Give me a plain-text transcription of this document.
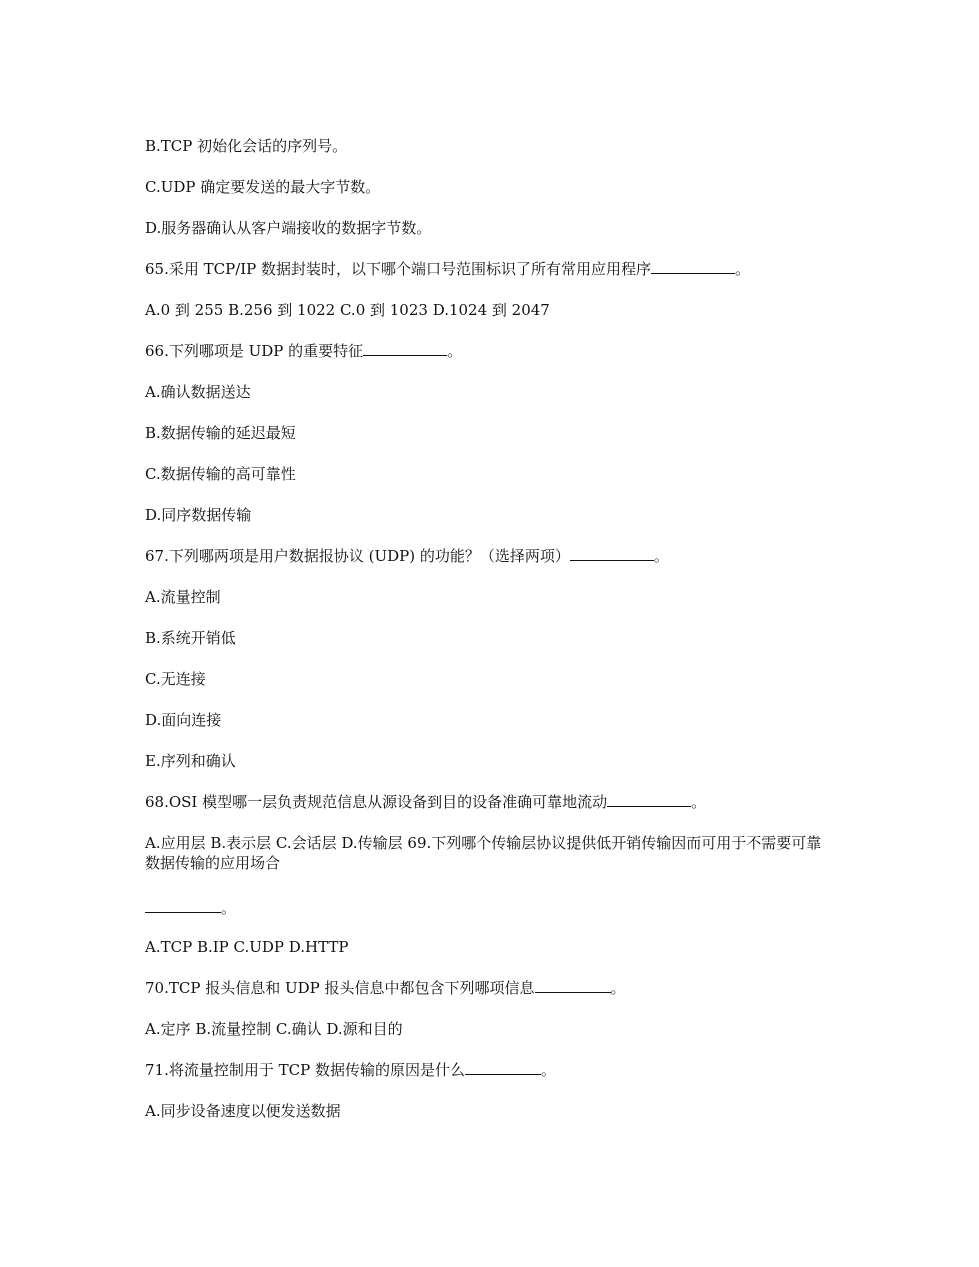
B.TCP 初始化会话的序列号。

C.UDP 确定要发送的最大字节数。

D.服务器确认从客户端接收的数据字节数。

65.采用 TCP/IP 数据封装时，以下哪个端口号范围标识了所有常用应用程序	。

A.0 到 255 B.256 到 1022 C.0 到 1023 D.1024 到 2047

66.下列哪项是 UDP 的重要特征	。

A.确认数据送达

B.数据传输的延迟最短

C.数据传输的高可靠性

D.同序数据传输

67.下列哪两项是用户数据报协议 (UDP) 的功能？（选择两项）	。

A.流量控制

B.系统开销低

C.无连接

D.面向连接

E.序列和确认

68.OSI 模型哪一层负责规范信息从源设备到目的设备准确可靠地流动	。

A.应用层 B.表示层 C.会话层 D.传输层 69.下列哪个传输层协议提供低开销传输因而可用于不需要可靠数据传输的应用场合

。

A.TCP B.IP C.UDP D.HTTP

70.TCP 报头信息和 UDP 报头信息中都包含下列哪项信息	。

A.定序 B.流量控制 C.确认 D.源和目的

71.将流量控制用于 TCP 数据传输的原因是什么	。

A.同步设备速度以便发送数据
